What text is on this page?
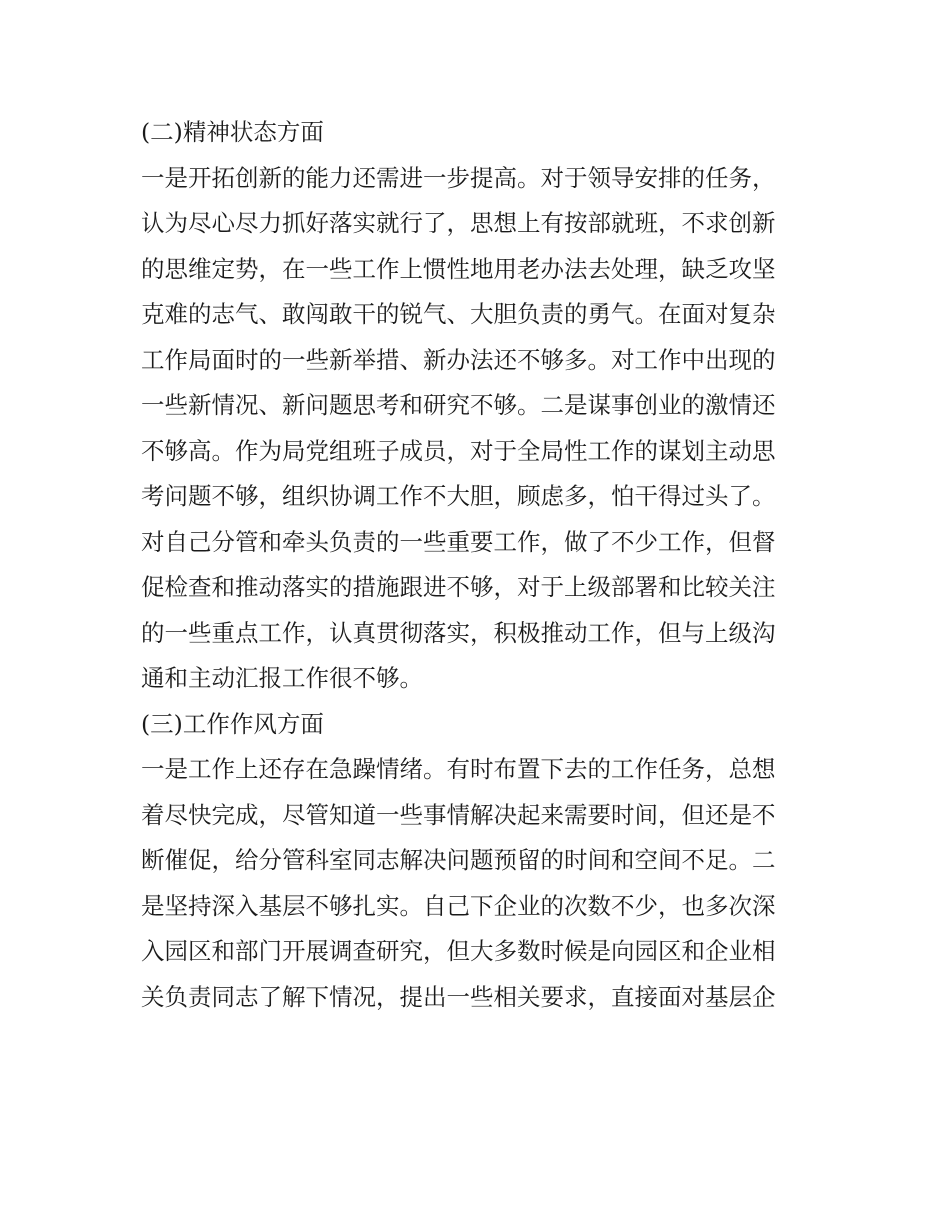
(二)精神状态方面
一是开拓创新的能力还需进一步提高。对于领导安排的任务，
认为尽心尽力抓好落实就行了，思想上有按部就班，不求创新
的思维定势，在一些工作上惯性地用老办法去处理，缺乏攻坚
克难的志气、敢闯敢干的锐气、大胆负责的勇气。在面对复杂
工作局面时的一些新举措、新办法还不够多。对工作中出现的
一些新情况、新问题思考和研究不够。二是谋事创业的激情还
不够高。作为局党组班子成员，对于全局性工作的谋划主动思
考问题不够，组织协调工作不大胆，顾虑多，怕干得过头了。
对自己分管和牵头负责的一些重要工作，做了不少工作，但督
促检查和推动落实的措施跟进不够，对于上级部署和比较关注
的一些重点工作，认真贯彻落实，积极推动工作，但与上级沟
通和主动汇报工作很不够。
(三)工作作风方面
一是工作上还存在急躁情绪。有时布置下去的工作任务，总想
着尽快完成，尽管知道一些事情解决起来需要时间，但还是不
断催促，给分管科室同志解决问题预留的时间和空间不足。二
是坚持深入基层不够扎实。自己下企业的次数不少，也多次深
入园区和部门开展调查研究，但大多数时候是向园区和企业相
关负责同志了解下情况，提出一些相关要求，直接面对基层企
